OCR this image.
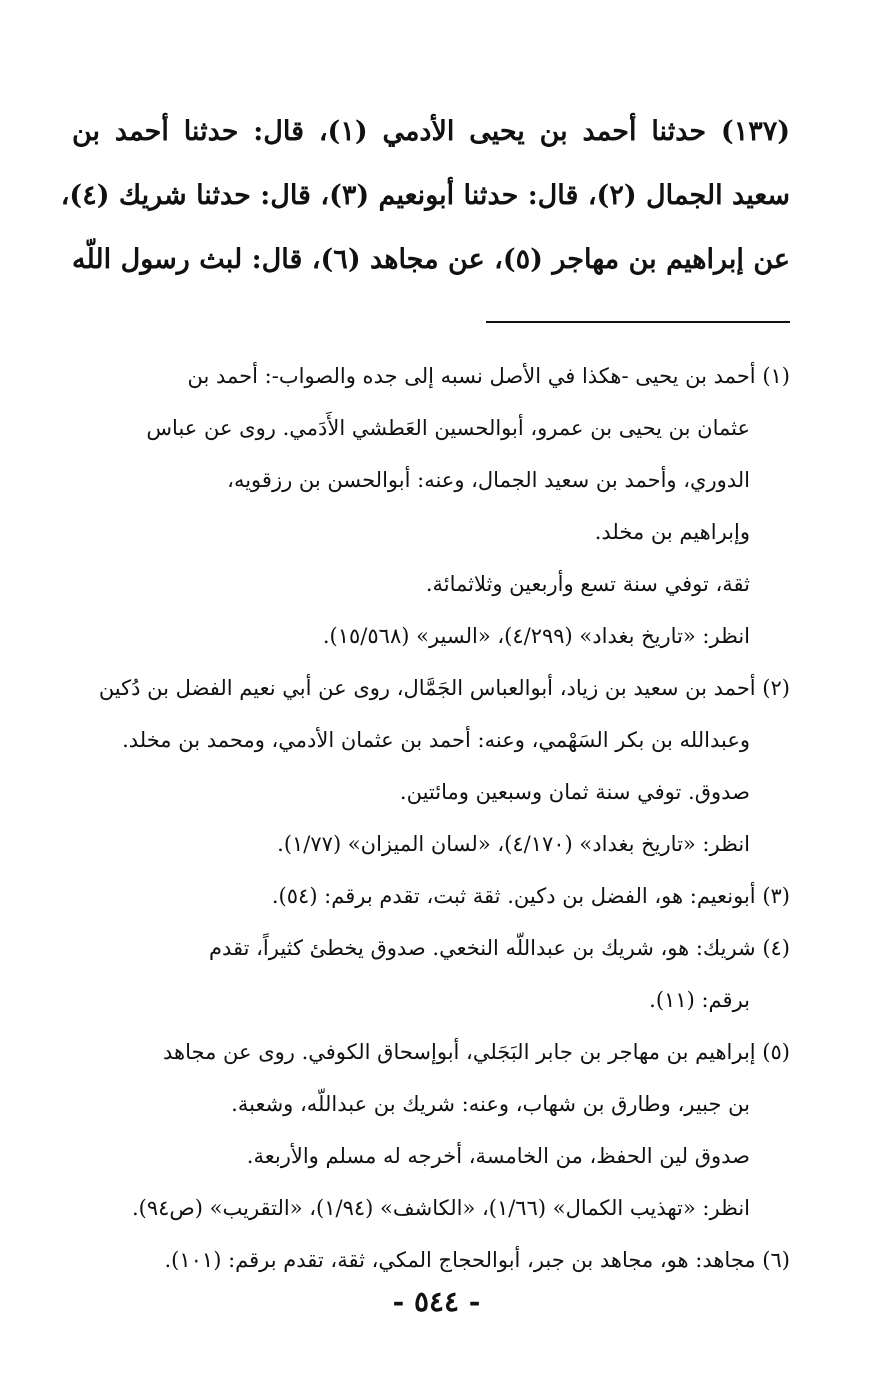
(١٣٧) حدثنا أحمد بن يحيى الأدمي (١)، قال: حدثنا أحمد بن
سعيد الجمال (٢)، قال: حدثنا أبونعيم (٣)، قال: حدثنا شريك (٤)،
عن إبراهيم بن مهاجر (٥)، عن مجاهد (٦)، قال: لبث رسول اللّه
(١) أحمد بن يحيى -هكذا في الأصل نسبه إلى جده والصواب-: أحمد بن
عثمان بن يحيى بن عمرو، أبوالحسين العَطشي الأَدَمي. روى عن عباس
الدوري، وأحمد بن سعيد الجمال، وعنه: أبوالحسن بن رزقويه،
وإبراهيم بن مخلد.
ثقة، توفي سنة تسع وأربعين وثلاثمائة.
انظر: «تاريخ بغداد» (٤/٢٩٩)، «السير» (١٥/٥٦٨).
(٢) أحمد بن سعيد بن زياد، أبوالعباس الجَمَّال، روى عن أبي نعيم الفضل بن دُكين
وعبدالله بن بكر السَهْمي، وعنه: أحمد بن عثمان الأدمي، ومحمد بن مخلد.
صدوق. توفي سنة ثمان وسبعين ومائتين.
انظر: «تاريخ بغداد» (٤/١٧٠)، «لسان الميزان» (١/٧٧).
(٣) أبونعيم: هو، الفضل بن دكين. ثقة ثبت، تقدم برقم: (٥٤).
(٤) شريك: هو، شريك بن عبداللّه النخعي. صدوق يخطئ كثيراً، تقدم
برقم: (١١).
(٥) إبراهيم بن مهاجر بن جابر البَجَلي، أبوإسحاق الكوفي. روى عن مجاهد
بن جبير، وطارق بن شهاب، وعنه: شريك بن عبداللّه، وشعبة.
صدوق لين الحفظ، من الخامسة، أخرجه له مسلم والأربعة.
انظر: «تهذيب الكمال» (١/٦٦)، «الكاشف» (١/٩٤)، «التقريب» (ص٩٤).
(٦) مجاهد: هو، مجاهد بن جبر، أبوالحجاج المكي، ثقة، تقدم برقم: (١٠١).
- ٥٤٤ -
